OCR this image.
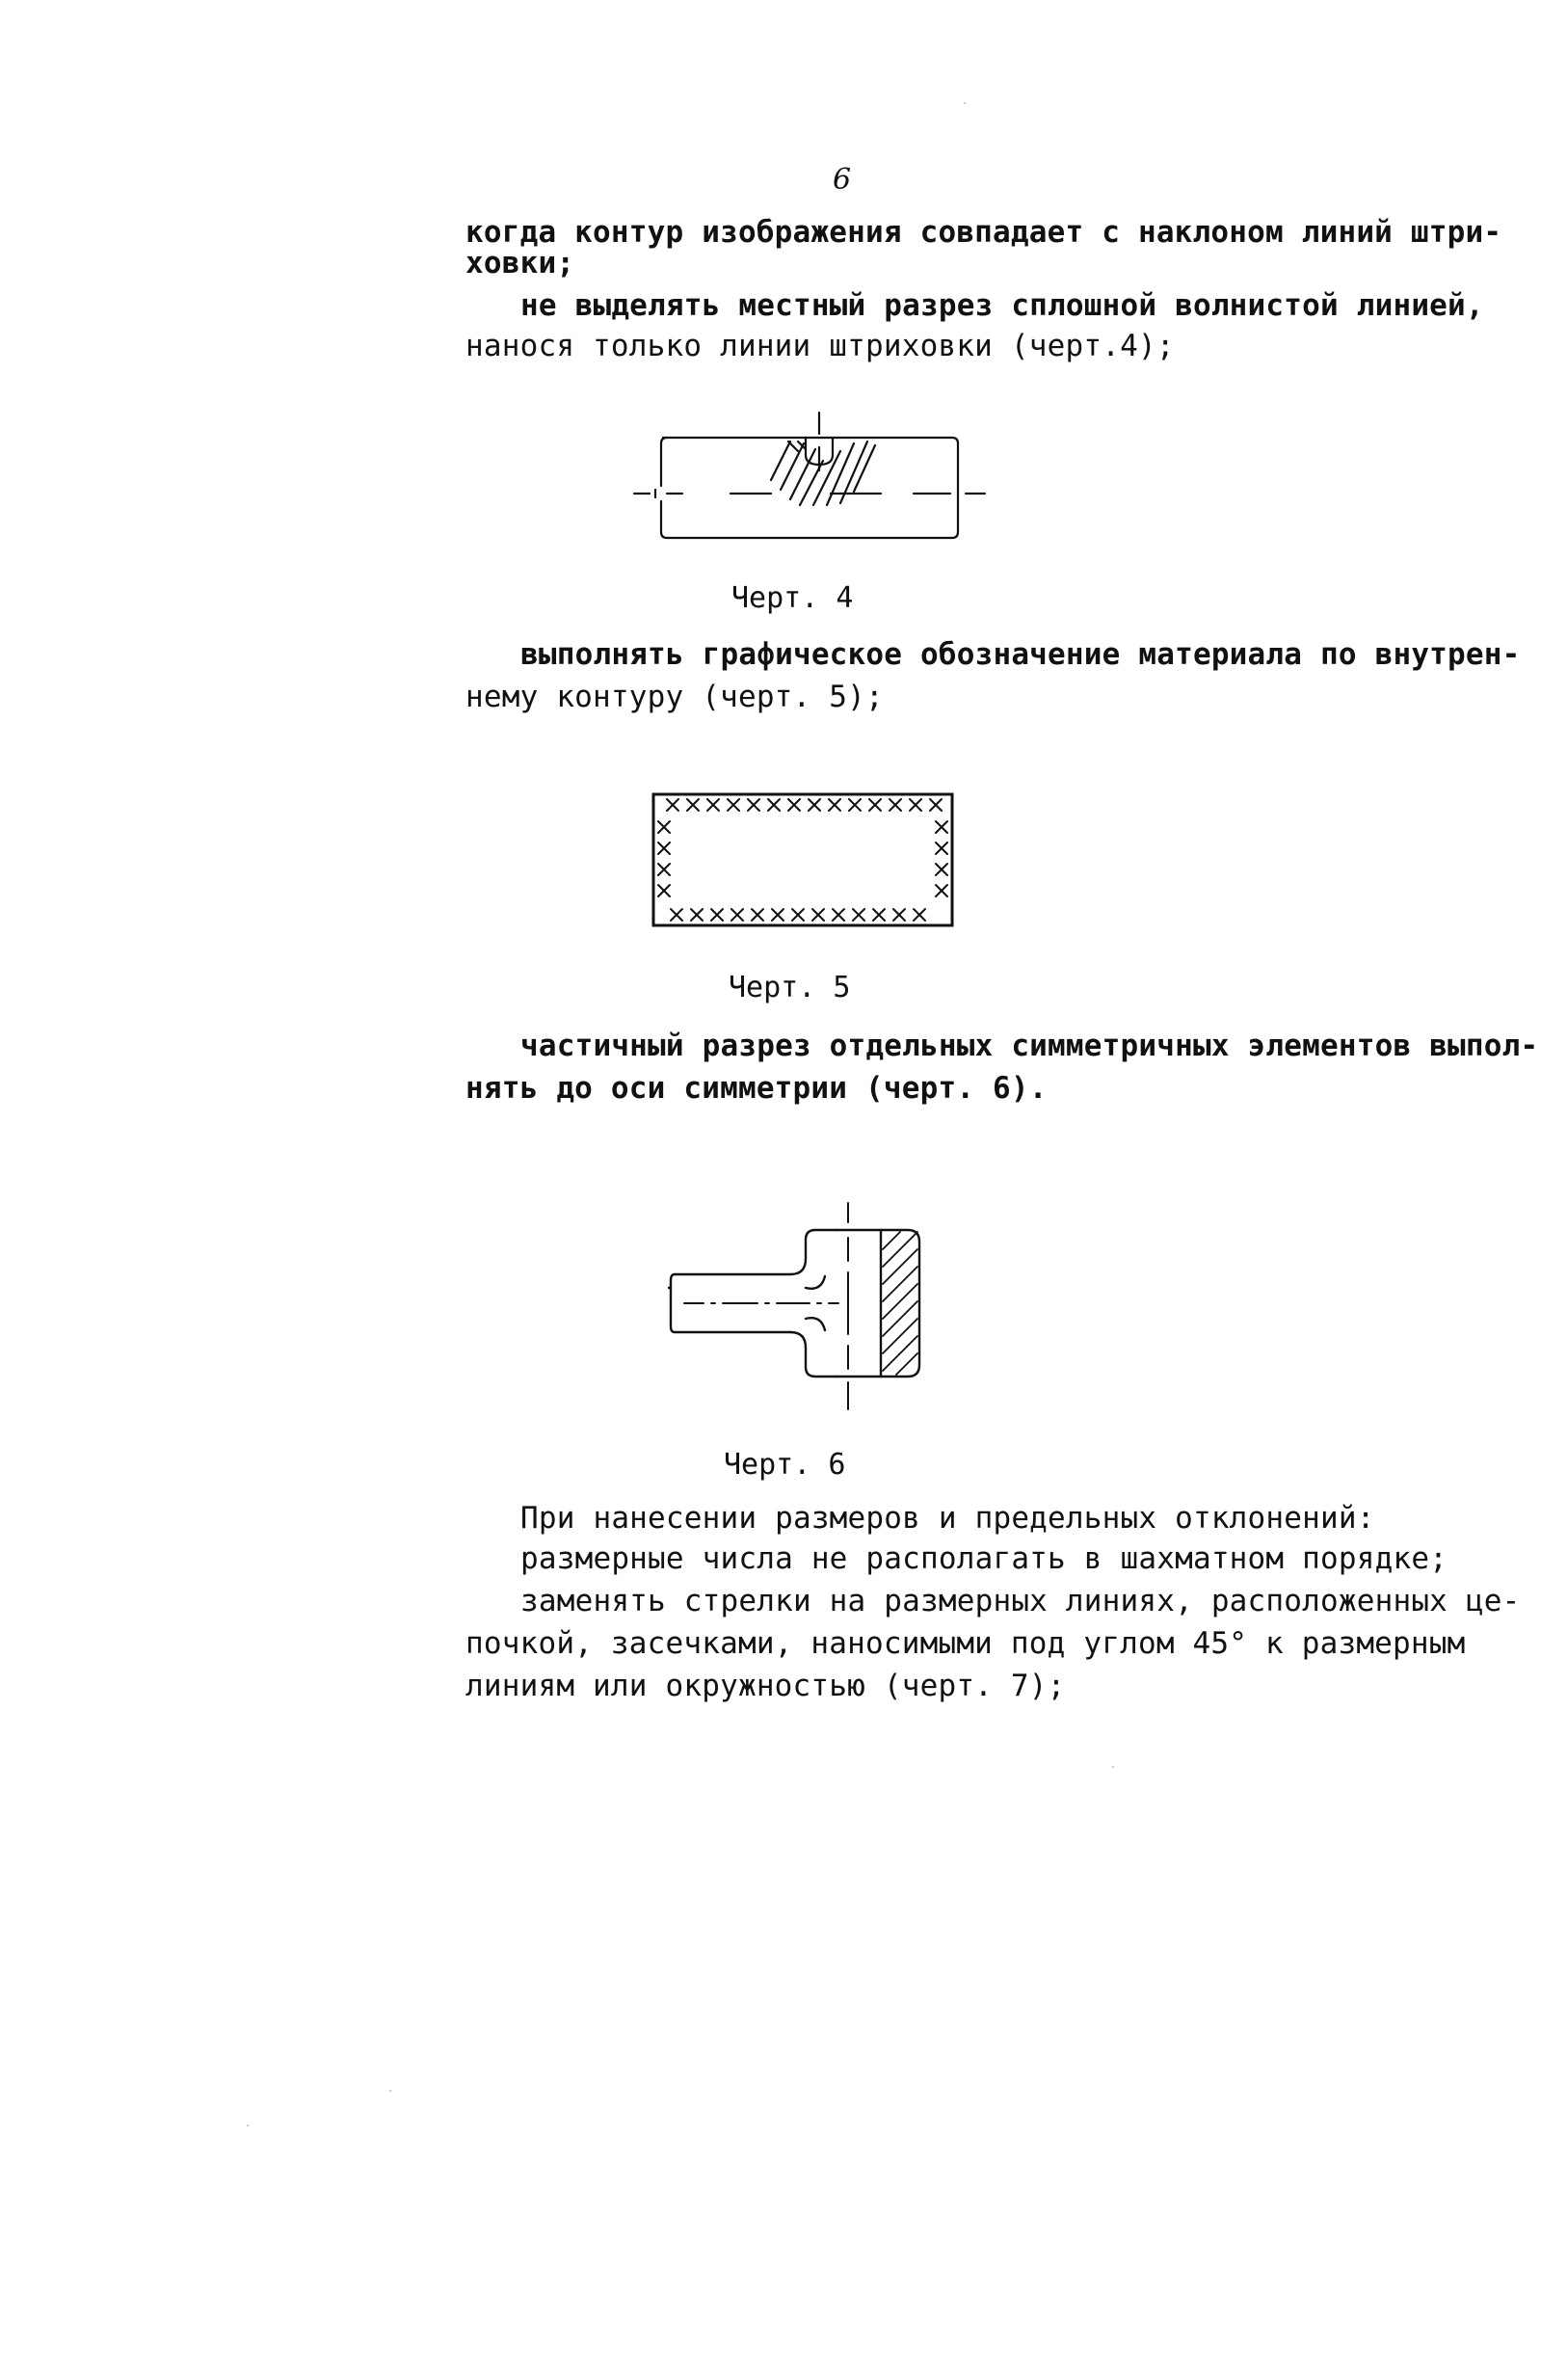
6
когда контур изображения совпадает с наклоном линий штри-
ховки;
не выделять местный разрез сплошной волнистой линией,
нанося только линии штриховки (черт.4);
Черт. 4
выполнять графическое обозначение материала по внутрен-
нему контуру (черт. 5);
Черт. 5
частичный разрез отдельных симметричных элементов выпол-
нять до оси симметрии (черт. 6).
Черт. 6
При нанесении размеров и предельных отклонений:
размерные числа не располагать в шахматном порядке;
заменять стрелки на размерных линиях, расположенных це-
почкой, засечками, наносимыми под углом 45° к размерным
линиям или окружностью (черт. 7);
